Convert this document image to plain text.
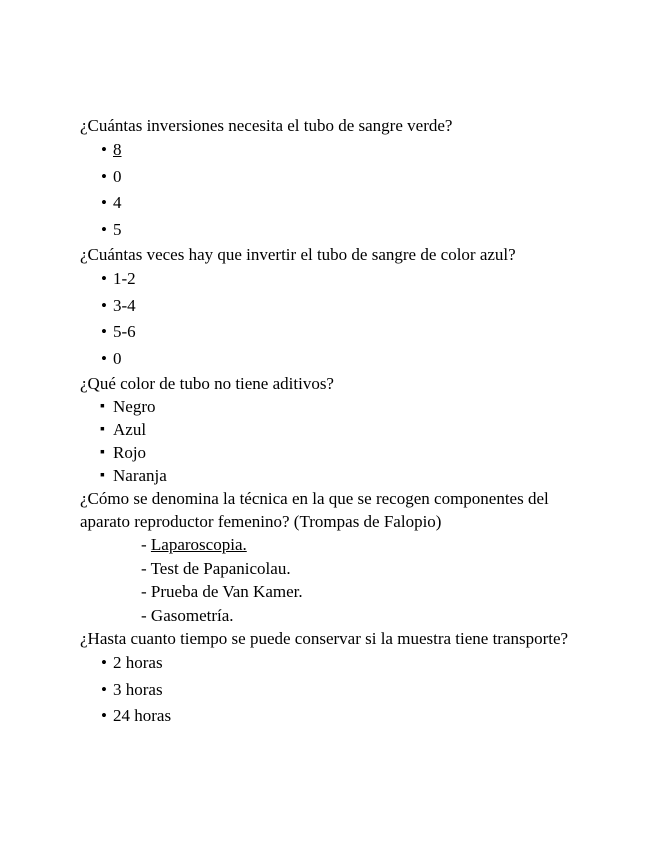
¿Cuántas inversiones necesita el tubo de sangre verde?

• 8
• 0
• 4
• 5

¿Cuántas veces hay que invertir el tubo de sangre de color azul?

• 1-2
• 3-4
• 5-6
• 0

¿Qué color de tubo no tiene aditivos?

▪ Negro
▪ Azul
▪ Rojo
▪ Naranja

¿Cómo se denomina la técnica en la que se recogen componentes del aparato reproductor femenino? (Trompas de Falopio)

- Laparoscopia.
- Test de Papanicolau.
- Prueba de Van Kamer.
- Gasometría.

¿Hasta cuanto tiempo se puede conservar si la muestra tiene transporte?

• 2 horas
• 3 horas
• 24 horas
